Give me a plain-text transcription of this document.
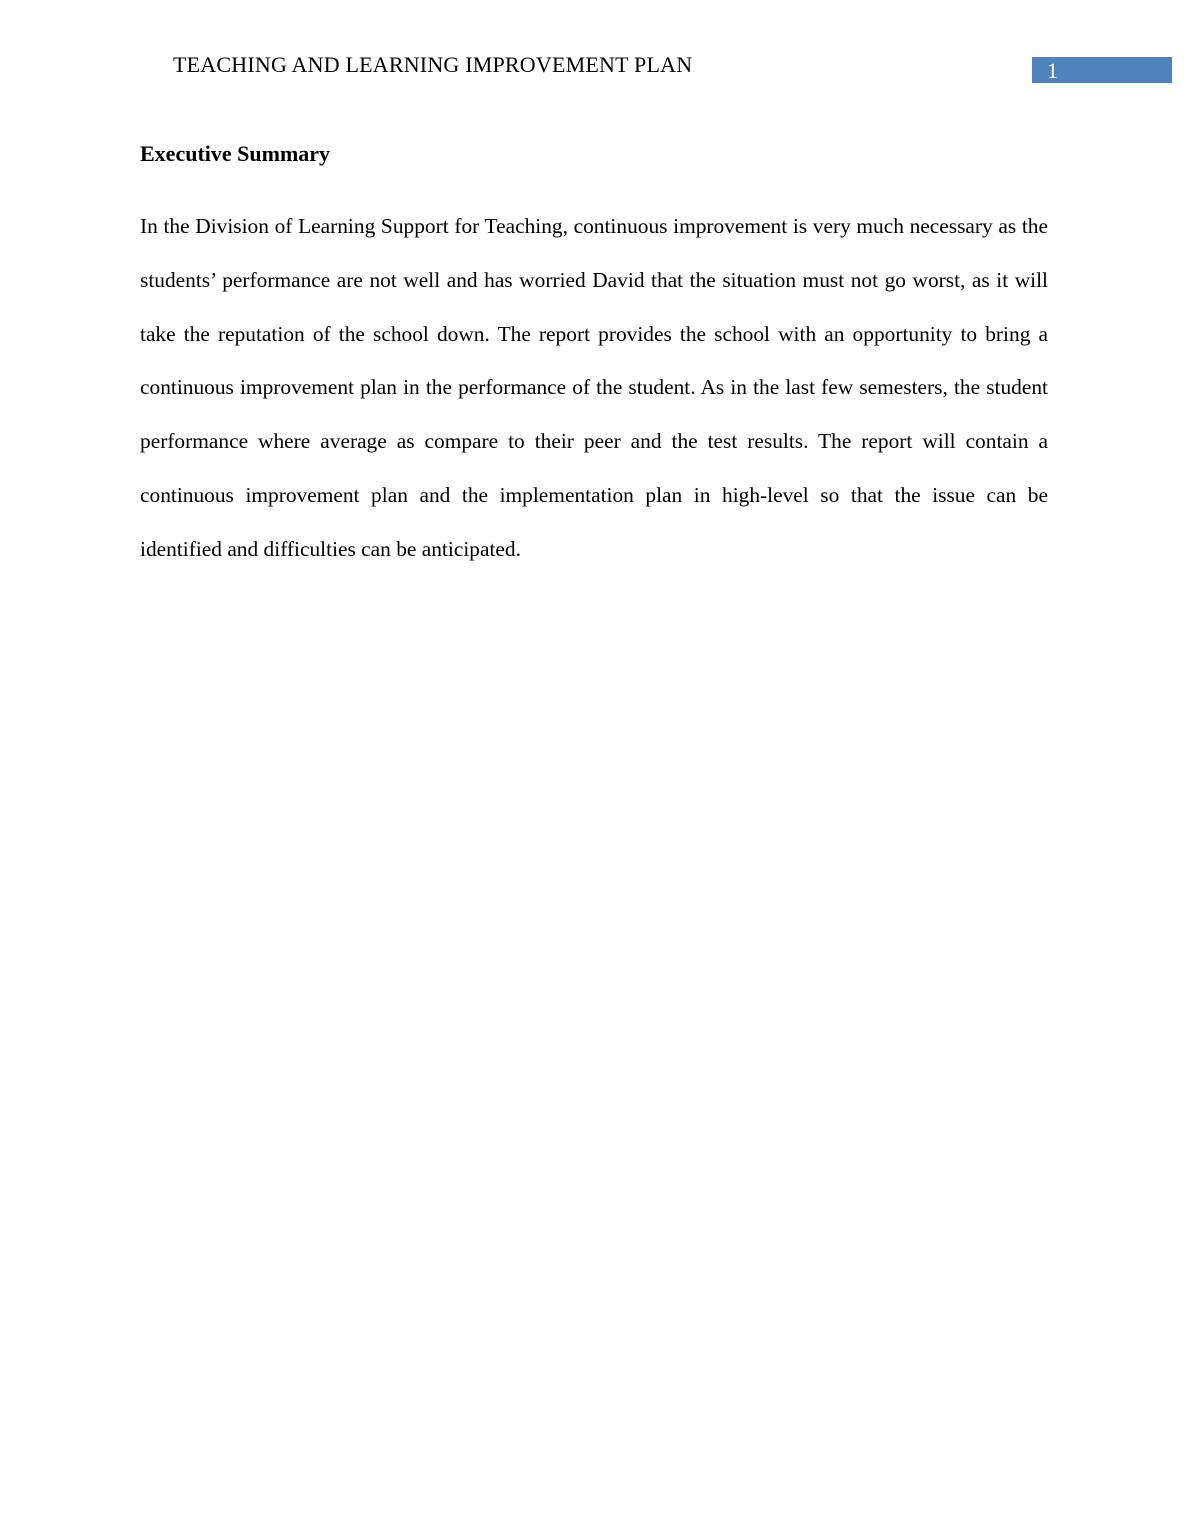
TEACHING AND LEARNING IMPROVEMENT PLAN	1
Executive Summary

In the Division of Learning Support for Teaching, continuous improvement is very much necessary as the students’ performance are not well and has worried David that the situation must not go worst, as it will take the reputation of the school down. The report provides the school with an opportunity to bring a continuous improvement plan in the performance of the student. As in the last few semesters, the student performance where average as compare to their peer and the test results. The report will contain a continuous improvement plan and the implementation plan in high-level so that the issue can be identified and difficulties can be anticipated.
